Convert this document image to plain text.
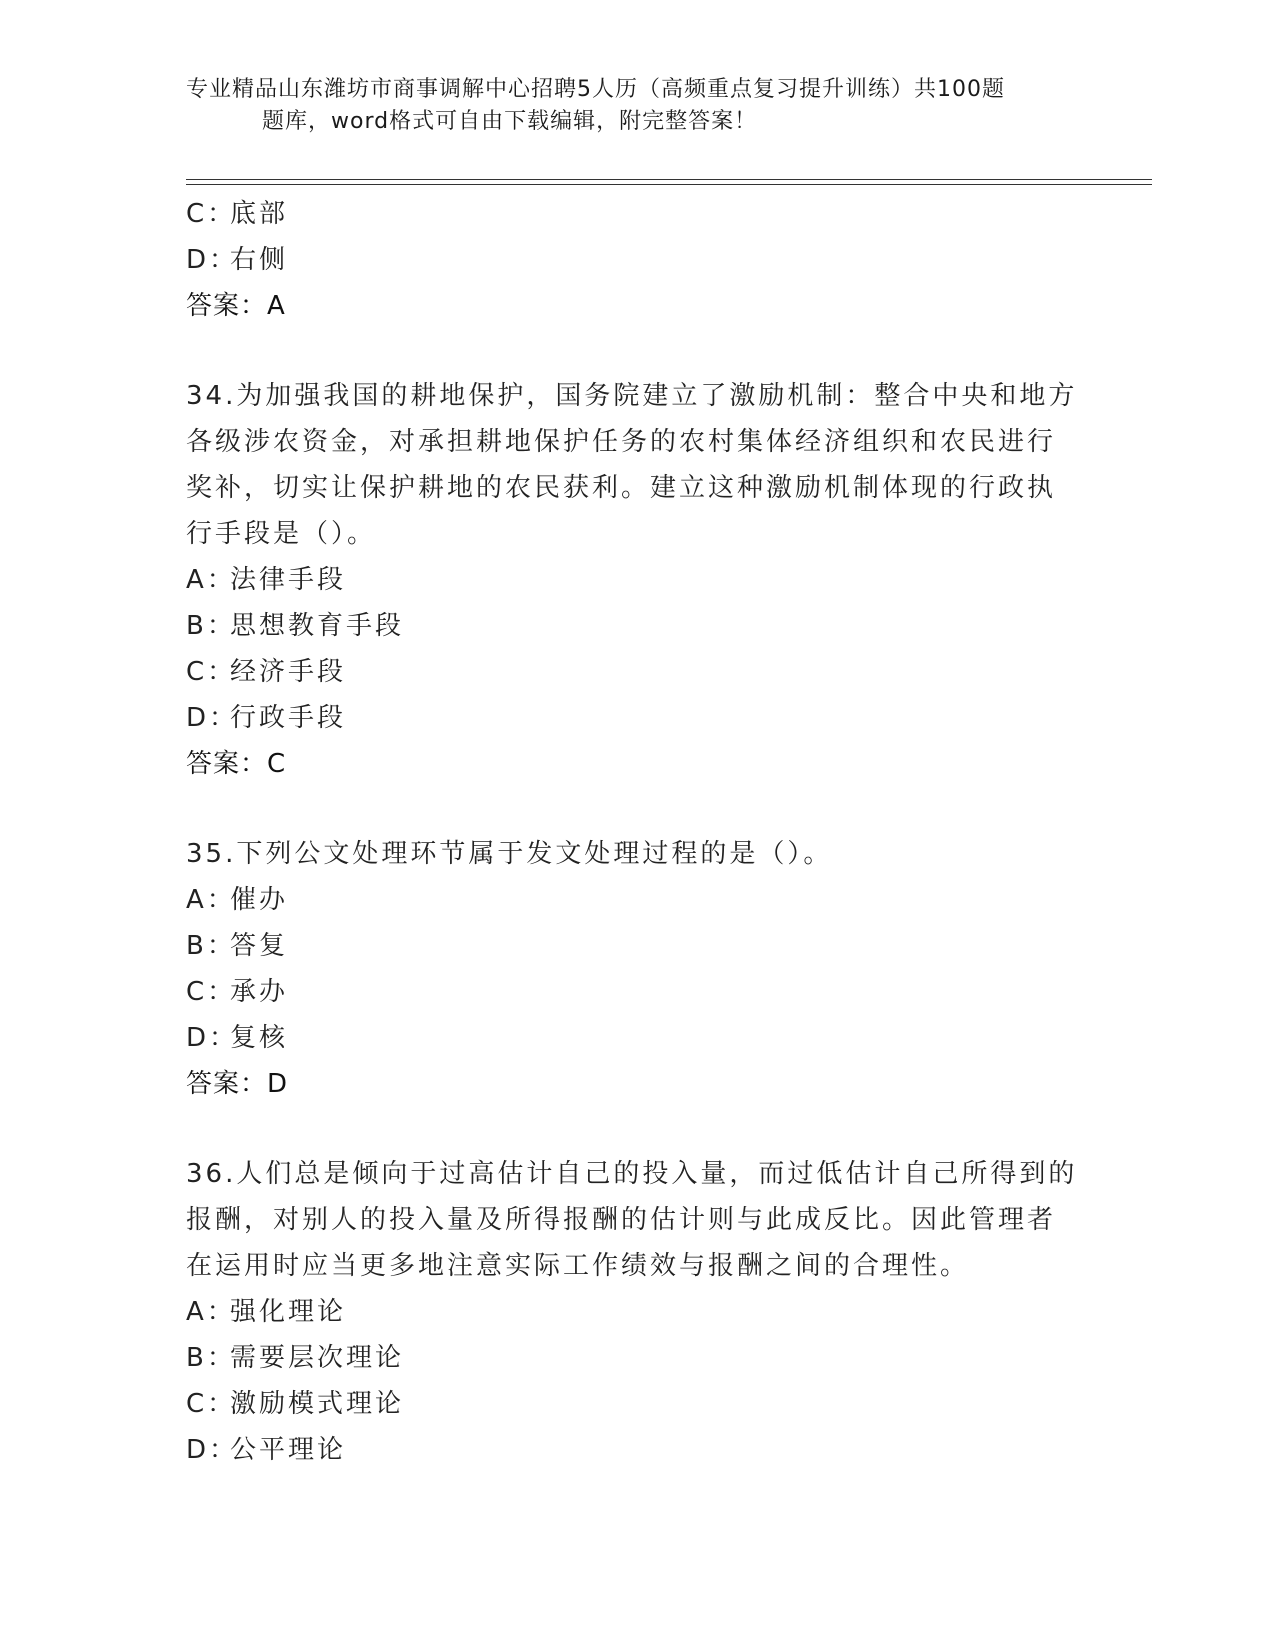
专业精品山东潍坊市商事调解中心招聘5人历（高频重点复习提升训练）共100题
题库，word格式可自由下载编辑，附完整答案！
C：底部
D：右侧
答案：A
34.为加强我国的耕地保护，国务院建立了激励机制：整合中央和地方
各级涉农资金，对承担耕地保护任务的农村集体经济组织和农民进行
奖补，切实让保护耕地的农民获利。建立这种激励机制体现的行政执
行手段是（）。
A：法律手段
B：思想教育手段
C：经济手段
D：行政手段
答案：C
35.下列公文处理环节属于发文处理过程的是（）。
A：催办
B：答复
C：承办
D：复核
答案：D
36.人们总是倾向于过高估计自己的投入量，而过低估计自己所得到的
报酬，对别人的投入量及所得报酬的估计则与此成反比。因此管理者
在运用时应当更多地注意实际工作绩效与报酬之间的合理性。
A：强化理论
B：需要层次理论
C：激励模式理论
D：公平理论
